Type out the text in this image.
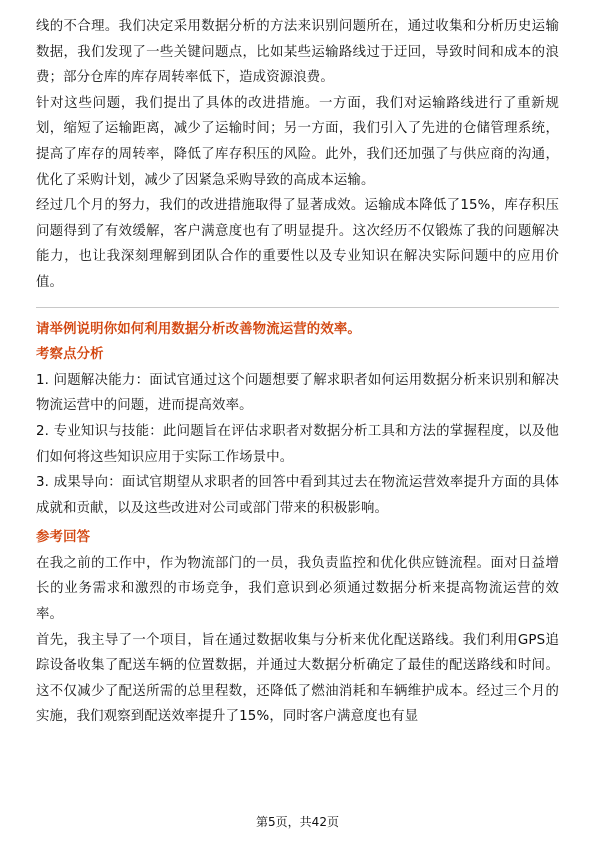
线的不合理。我们决定采用数据分析的方法来识别问题所在，通过收集和分析历史运输数据，我们发现了一些关键问题点，比如某些运输路线过于迂回，导致时间和成本的浪费；部分仓库的库存周转率低下，造成资源浪费。

针对这些问题，我们提出了具体的改进措施。一方面，我们对运输路线进行了重新规划，缩短了运输距离，减少了运输时间；另一方面，我们引入了先进的仓储管理系统，提高了库存的周转率，降低了库存积压的风险。此外，我们还加强了与供应商的沟通，优化了采购计划，减少了因紧急采购导致的高成本运输。

经过几个月的努力，我们的改进措施取得了显著成效。运输成本降低了15%，库存积压问题得到了有效缓解，客户满意度也有了明显提升。这次经历不仅锻炼了我的问题解决能力，也让我深刻理解到团队合作的重要性以及专业知识在解决实际问题中的应用价值。

请举例说明你如何利用数据分析改善物流运营的效率。

考察点分析

1. 问题解决能力：面试官通过这个问题想要了解求职者如何运用数据分析来识别和解决物流运营中的问题，进而提高效率。

2. 专业知识与技能：此问题旨在评估求职者对数据分析工具和方法的掌握程度，以及他们如何将这些知识应用于实际工作场景中。

3. 成果导向：面试官期望从求职者的回答中看到其过去在物流运营效率提升方面的具体成就和贡献，以及这些改进对公司或部门带来的积极影响。

参考回答

在我之前的工作中，作为物流部门的一员，我负责监控和优化供应链流程。面对日益增长的业务需求和激烈的市场竞争，我们意识到必须通过数据分析来提高物流运营的效率。

首先，我主导了一个项目，旨在通过数据收集与分析来优化配送路线。我们利用GPS追踪设备收集了配送车辆的位置数据，并通过大数据分析确定了最佳的配送路线和时间。这不仅减少了配送所需的总里程数，还降低了燃油消耗和车辆维护成本。经过三个月的实施，我们观察到配送效率提升了15%，同时客户满意度也有显

第5页，共42页
